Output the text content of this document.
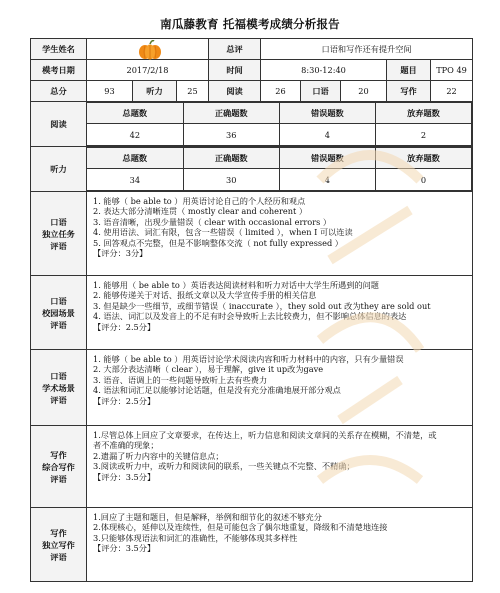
南瓜藤教育 托福模考成绩分析报告
学生姓名		总评	口语和写作还有提升空间
模考日期	2017/2/18	时间	8:30-12:40	题目	TPO 49
总分	93	听力	25	阅读	26	口语	20	写作	22
阅读	
总题数	正确题数	错误题数	放弃题数
42	36	4	2

听力	
总题数	正确题数	错误题数	放弃题数
34	30	4	0

口语
独立任务
评语

1. 能够（ be able to ）用英语讨论自己的个人经历和观点
2. 表达大部分清晰连贯（ mostly clear and coherent ）
3. 语音清晰，出现少量错误（ clear with occasional errors ）
4. 使用语法、词汇有限，包含一些错误（ limited ），when I 可以连读
5. 回答观点不完整，但是不影响整体交流（ not fully expressed ）
【评分：3分】

口语
校园场景
评语

1. 能够用（ be able to ）英语表达阅读材料和听力对话中大学生所遇到的问题
2. 能够传递关于对话、报纸文章以及大学宣传手册的相关信息
3. 但是缺少一些细节，或细节错误（ inaccurate ），they sold out 改为they are sold out
4. 语法、词汇以及发音上的不足有时会导致听上去比较费力，但不影响总体信息的表达
【评分：2.5分】

口语
学术场景
评语

1. 能够（ be able to ）用英语讨论学术阅读内容和听力材料中的内容，只有少量错误
2. 大部分表达清晰（ clear ），易于理解，give it up改为gave
3. 语音、语调上的一些问题导致听上去有些费力
4. 语法和词汇足以能够讨论话题，但是没有充分准确地展开部分观点
【评分：2.5分】

写作
综合写作
评语

1.尽管总体上回应了文章要求，在传达上，听力信息和阅读文章间的关系存在模糊，不清楚，或
者不准确的现象；
2.遗漏了听力内容中的关键信息点；
3.阅读或听力中，或听力和阅读间的联系，一些关键点不完整、不精确；
【评分：3.5分】

写作
独立写作
评语

1.回应了主题和题目，但是解释，举例和细节化的叙述不够充分
2.体现核心，延伸以及连续性，但是可能包含了偶尔地重复，降级和不清楚地连接
3.只能够体现语法和词汇的准确性，不能够体现其多样性
【评分：3.5分】
